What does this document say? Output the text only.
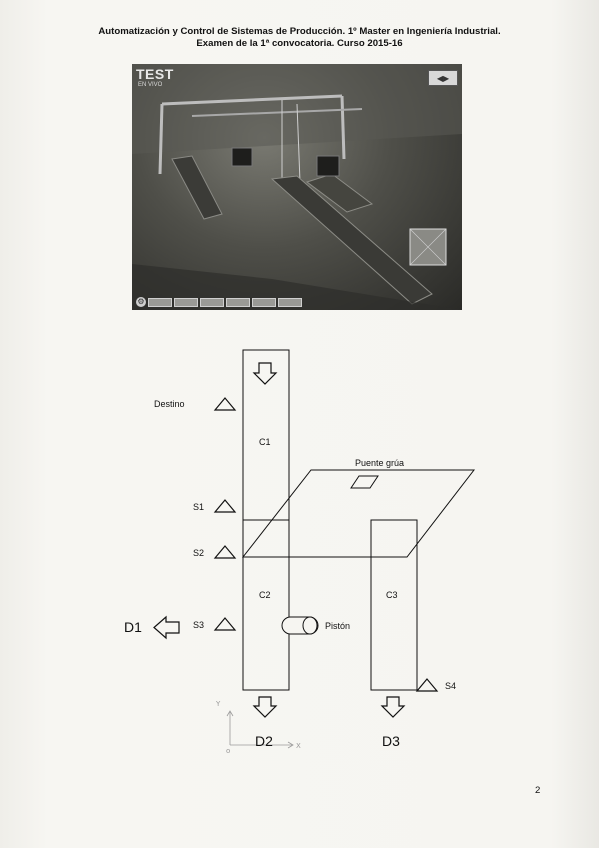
Automatización y Control de Sistemas de Producción. 1º Master en Ingeniería Industrial.
Examen de la 1ª convocatoria. Curso 2015-16
TEST
EN VIVO
◀▶
⚙
Destino
C1
C2	C3
Puente grúa
S1
S2
S3
S4
Pistón
D1
D2	D3
Y
X
o
2
